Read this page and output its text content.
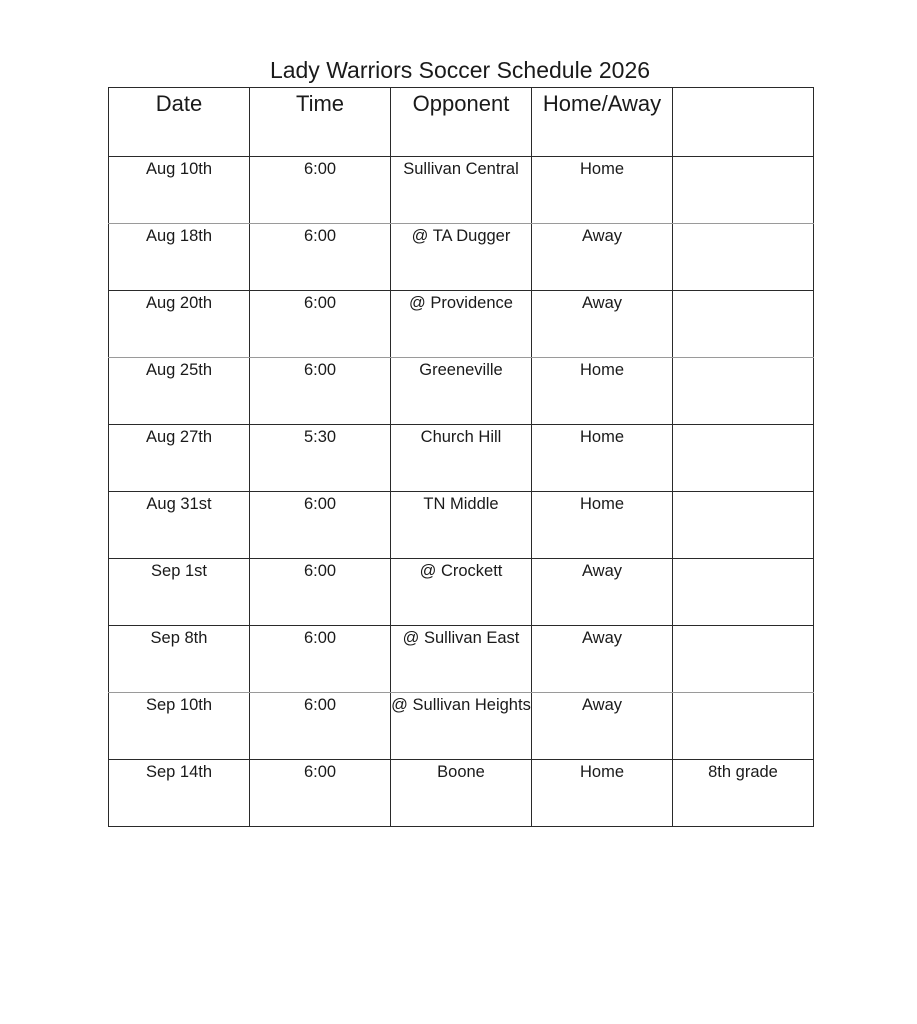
Lady Warriors Soccer Schedule 2026
Date	Time	Opponent	Home/Away	
Aug 10th	6:00	Sullivan Central	Home	
Aug 18th	6:00	@ TA Dugger	Away	
Aug 20th	6:00	@ Providence	Away	
Aug 25th	6:00	Greeneville	Home	
Aug 27th	5:30	Church Hill	Home	
Aug 31st	6:00	TN Middle	Home	
Sep 1st	6:00	@ Crockett	Away	
Sep 8th	6:00	@ Sullivan East	Away	
Sep 10th	6:00	@ Sullivan Heights	Away	
Sep 14th	6:00	Boone	Home	8th grade
